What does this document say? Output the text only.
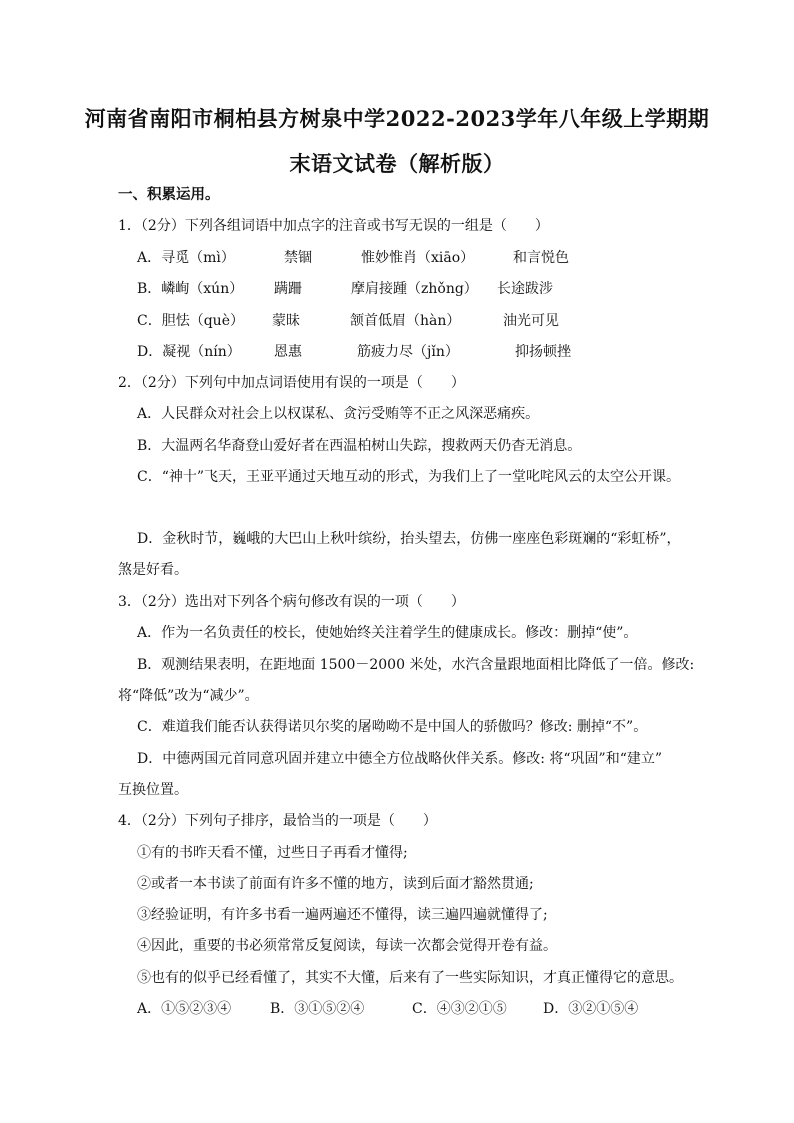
河南省南阳市桐柏县方树泉中学2022-2023学年八年级上学期期
末语文试卷（解析版）
一、积累运用。
1．（2分）下列各组词语中加点字的注音或书写无误的一组是（　　）
A．寻觅（mì）	禁锢	惟妙惟肖（xiāo）	和言悦色
B．嶙峋（xún） 蹒跚	摩肩接踵（zhǒng） 长途跋涉
C．胆怯（què） 蒙昧	颔首低眉（hàn）	油光可见
D．凝视（nín） 恩惠	筋疲力尽（jǐn）	抑扬顿挫
2．（2分）下列句中加点词语使用有误的一项是（　　）
A．人民群众对社会上以权谋私、贪污受贿等不正之风深恶痛疾。
B．大温两名华裔登山爱好者在西温柏树山失踪，搜救两天仍杳无消息。
C．“神十”飞天，王亚平通过天地互动的形式，为我们上了一堂叱咤风云的太空公开课。
D．金秋时节，巍峨的大巴山上秋叶缤纷，抬头望去，仿佛一座座色彩斑斓的“彩虹桥”，
煞是好看。
3．（2分）选出对下列各个病句修改有误的一项（　　）
A．作为一名负责任的校长，使她始终关注着学生的健康成长。修改：删掉“使”。
B．观测结果表明，在距地面 1500－2000 米处，水汽含量跟地面相比降低了一倍。修改:
将“降低”改为“减少”。
C．难道我们能否认获得诺贝尔奖的屠呦呦不是中国人的骄傲吗？修改: 删掉“不”。
D．中德两国元首同意巩固并建立中德全方位战略伙伴关系。修改: 将“巩固”和“建立”
互换位置。
4．（2分）下列句子排序，最恰当的一项是（　　）
①有的书昨天看不懂，过些日子再看才懂得;
②或者一本书读了前面有许多不懂的地方，读到后面才豁然贯通;
③经验证明，有许多书看一遍两遍还不懂得，读三遍四遍就懂得了;
④因此，重要的书必须常常反复阅读，每读一次都会觉得开卷有益。
⑤也有的似乎已经看懂了，其实不大懂，后来有了一些实际知识，才真正懂得它的意思。
A．①⑤②③④	B．③①⑤②④	C．④③②①⑤	D．③②①⑤④
